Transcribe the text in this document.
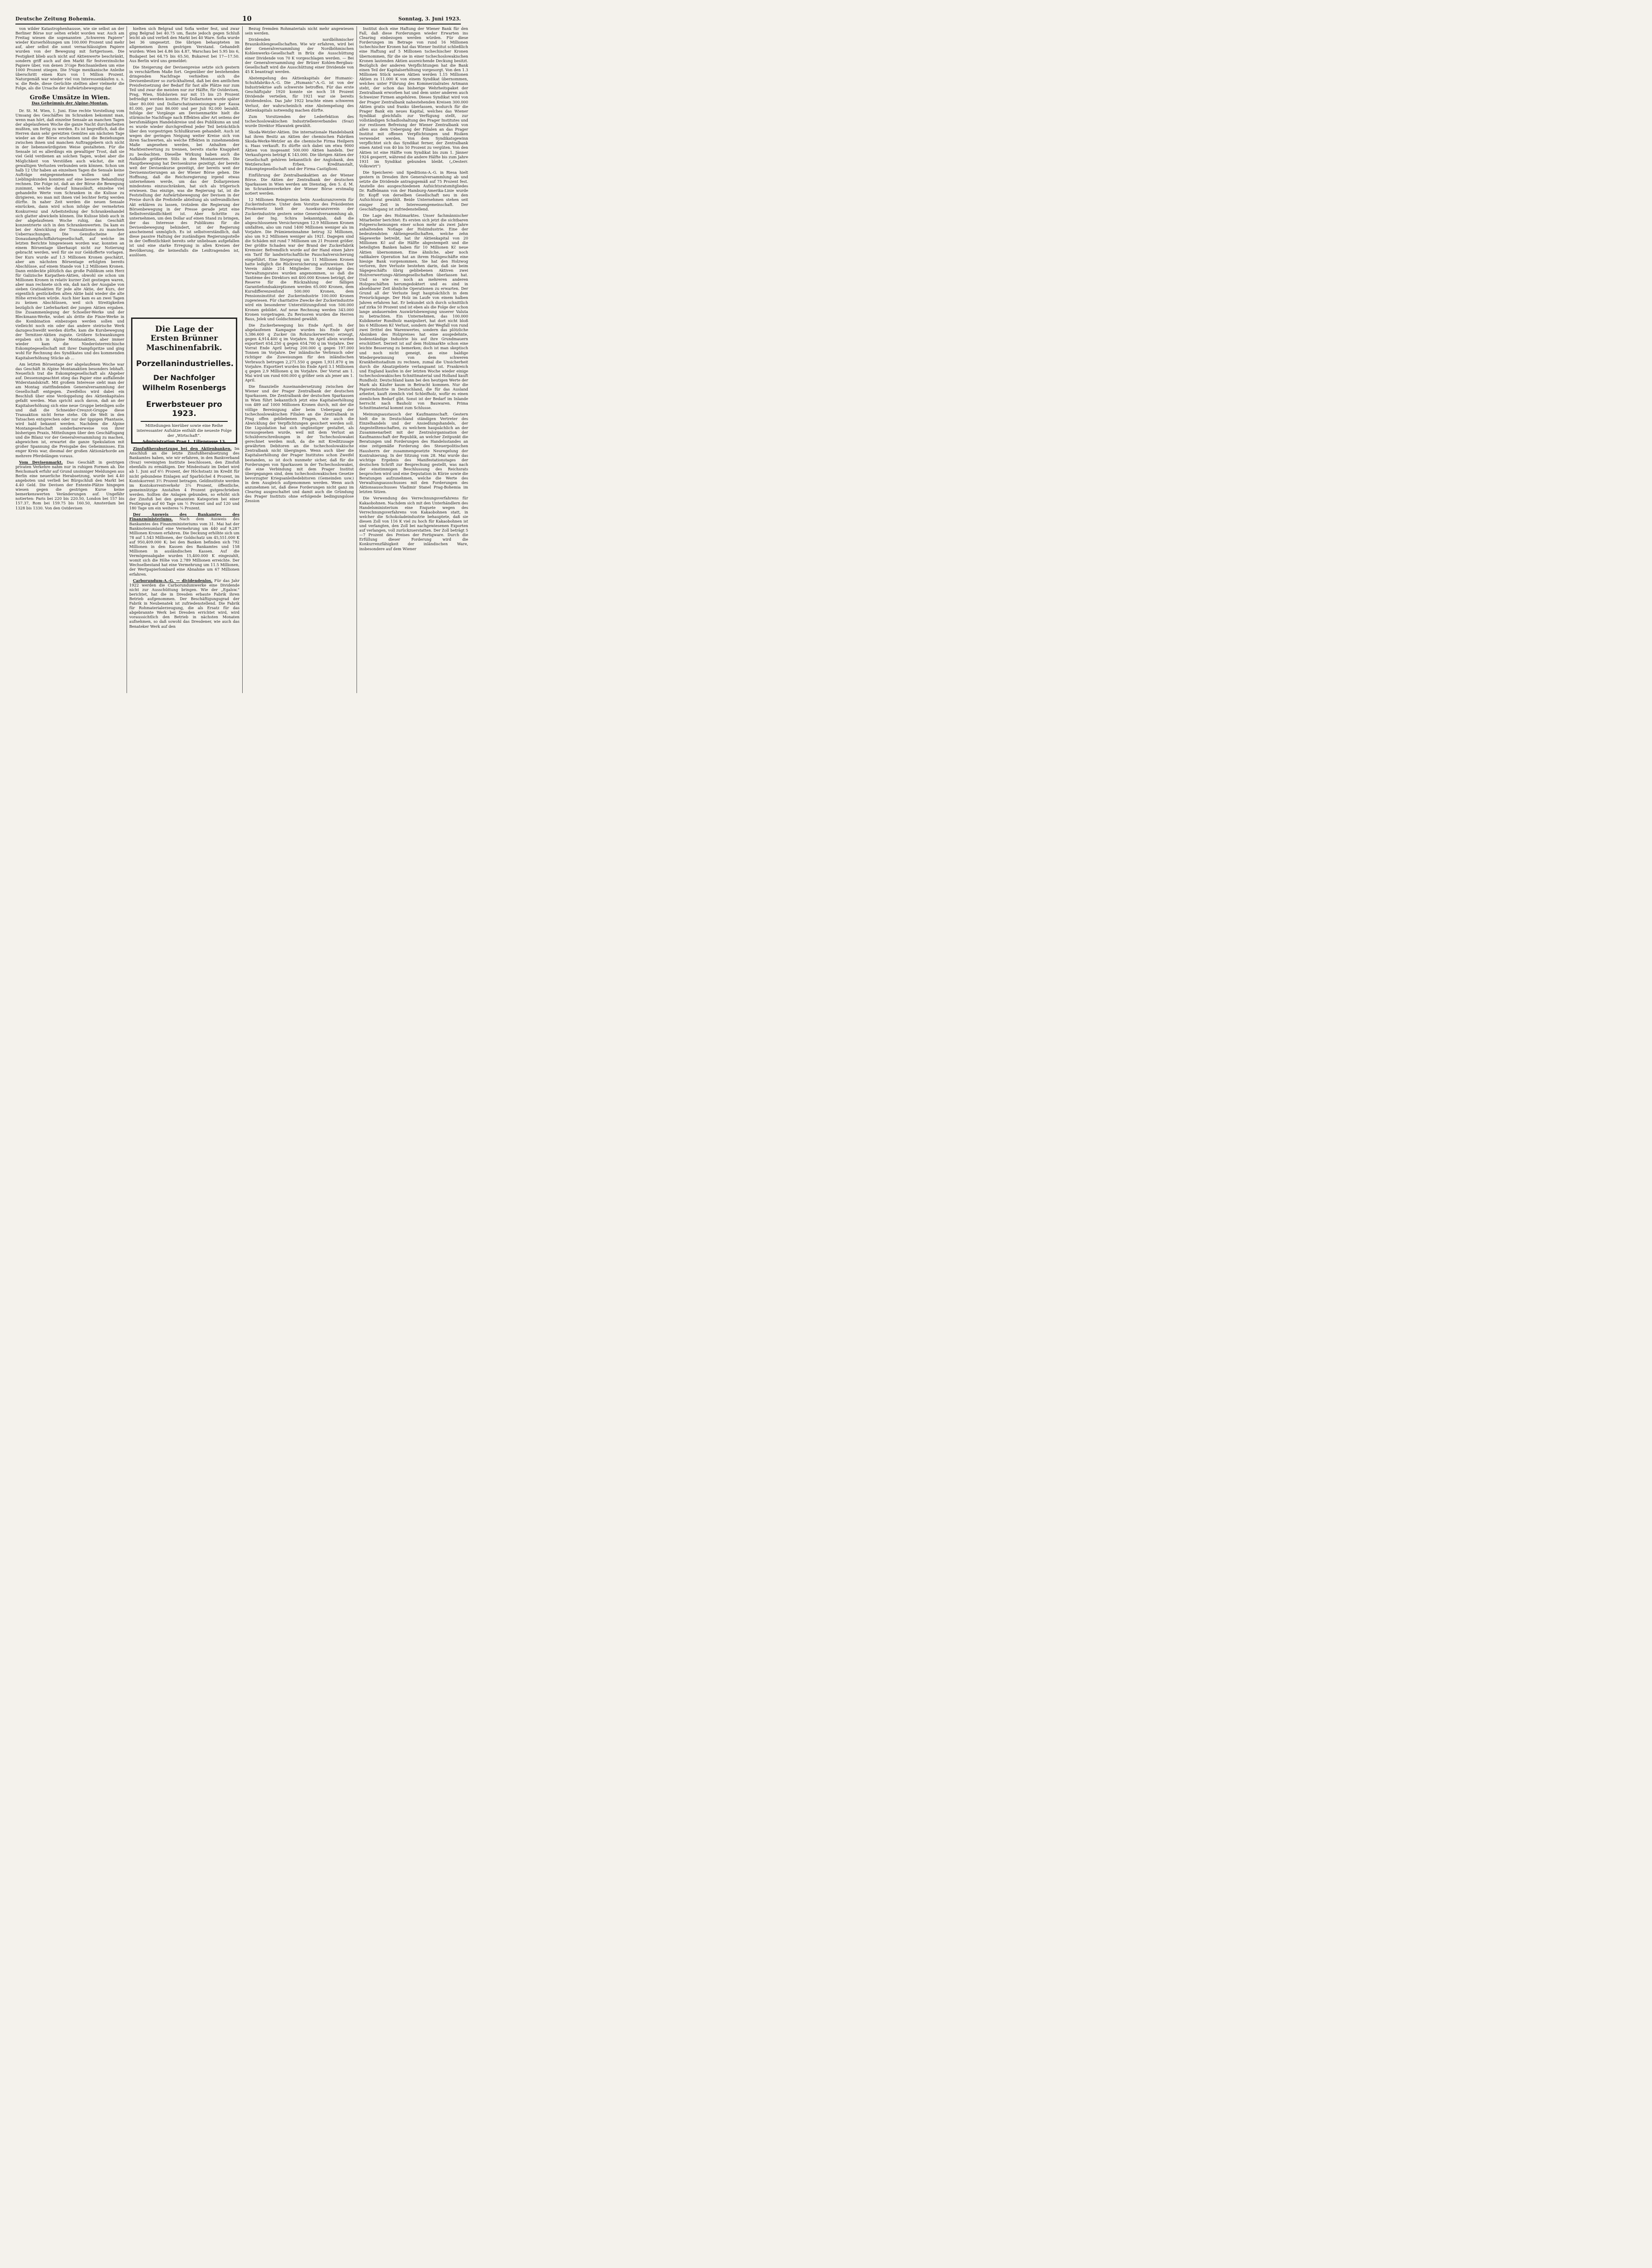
Deutsche Zeitung Bohemia.	10	Sonntag, 3. Juni 1923.

von wilder Katastrophenhausse, wie sie selbst an der Berliner Börse nur selten erlebt worden war. Auch am Freitag wiesen die sogenannten „Schweren Papiere“ wieder Kurserhöhungen um 100.000 Prozent und mehr auf, aber selbst die sonst vernachlässigten Papiere wurden von der Bewegung mit fortgerissen. Die Festigkeit blieb auch nicht auf Aktienwerte beschränkt, sondern griff auch auf den Markt für festverzinsliche Papiere über, von denen 3½ige Reichsanleihen um eine 1000 Prozent stiegen. Die 5%ige mexikanische Anleihe überschritt einen Kurs von 1 Million Prozent. Naturgemäß war wieder viel von Interessenkäufen u. s. w. die Rede, diese Gerüchte stellten aber vielmehr die Folge, als die Ursache der Aufwärtsbewegung dar.

Große Umsätze in Wien.
Das Geheimnis der Alpine-Montan.

Dr. St. M. Wien, 1. Juni. Eine rechte Vorstellung vom Umsang des Geschäftes im Schranken bekommt man, wenn man hört, daß einzelne Sensale an manchen Tagen der abgelaufenen Woche die ganze Nacht durcharbeiten mußten, um fertig zu werden. Es ist begreiflich, daß die Herren dann sehr gereizten Gemütes am nächsten Tage wieder an der Börse erscheinen und die Beziehungen zwischen ihnen und manchen Auftraggebern sich nicht in der liebenswürdigsten Weise gestalteten. Für die Sensale ist es allerdings ein gewaltiger Trost, daß sie viel Geld verdienen an solchen Tagen, wobei aber die Möglichkeit von Verstößen auch wächst, die mit gewaltigen Verlusten verbunden sein können. Schon um halb 12 Uhr haben an einzelnen Tagen die Sensale keine Aufträge entgegennehmen wollen und nur Lieblingskunden konnten auf eine bessere Behandlung rechnen. Die Folge ist, daß an der Börse die Bewegung zunimmt, welche darauf hinausläuft, einzelne viel gehandelte Werte vom Schranken in die Kulisse zu dirigieren, wo man mit ihnen viel leichter fertig werden dürfte. In naher Zeit werden die neuen Sensale einrücken, dann wird schon infolge der vermehrten Konkurrenz und Arbeitsteilung der Schrankenhandel sich glatter abwickeln können. Die Kulisse blieb auch in der abgelaufenen Woche ruhig, das Geschäft konzentrierte sich in den Schrankenwerten. Da kam es bei der Abwicklung der Transaktionen zu manchen Ueberraschungen. Die Genußscheine der Donaudampfschiffahrtsgesellschaft, auf welche im letzten Berichte hingewiesen worden war, konnten an einem Börsentage überhaupt nicht zur Notierung gebracht werden, weil für sie nur Geldofferte vorlagen. Der Kurs wurde auf 1.5 Millionen Kronen geschätzt, aber am nächsten Börsentage erfolgten bereits Abschlüsse, auf einem Stande von 1.2 Millionen Kronen. Dann entdeckte plötzlich das große Publikum sein Herz für Galizische Karpathen-Aktien, obwohl sie schon um Millionen Kronen in relativ kurzer Zeit gestiegen waren, aber man rechnete sich ein, daß nach der Ausgabe von sieben Gratisaktien für jede alte Aktie, der Kurs, der eigentlich gestückelten alten Aktie bald wieder die alte Höhe erreichen würde. Auch hier kam es an zwei Tagen zu keinen Abschlüssen, weil sich Streitigkeiten bezüglich der Lieferbarkeit der jungen Aktien ergaben. Die Zusammenlegung der Schoeller-Werke und der Bleckmann-Werke, wobei als dritte die Finze-Werke in die Kombination einbezogen werden sollen und vielleicht noch ein oder das andere steirische Werk dazugeschweißt werden dürfte, kam die Kursbewegung der Ternitzer-Aktien zugute. Größere Schwankungen ergaben sich in Alpine Montanaktien, aber immer wieder kam die Niederösterreichische Eskomptegesellschaft mit ihrer Dampfspritze und ging wohl für Rechnung des Syndikates und des kommenden Kapitalserhöhung Stücke ab ...

Am letzten Börsentage der abgelaufenen Woche war das Geschäft in Alpine Montanaktien besonders lebhaft. Neuerlich trat die Eskomptegesellschaft als Abgeber auf. Dessenungeachtet stieg das Papier eine auffallende Widerstandskraft. Mit großem Interesse sieht man der am Montag stattfindenden Generalversammlung der Gesellschaft entgegen. Zweifellos wird dabei ein Beschluß über eine Verdoppelung des Aktienkapitales gefaßt werden. Man spricht auch davon, daß an der Kapitalserhöhung sich eine neue Gruppe beteiligen solle und daß die Schneider-Creuzot-Gruppe diese Transaktion nicht ferne stehe. Ob die Welt in den Tatsachen entsprechen oder nur der üppigen Phantasie, wird bald bekannt werden. Nachdem die Alpine Montangesellschaft sonderbarerweise von ihrer bisherigen Praxis, Mitteilungen über den Geschäftsgang und die Bilanz vor der Generalversammlung zu machen, abgewichen ist, erwartet die ganze Spekulation mit großer Spannung die Preisgabe des Geheimnisses. Ein enger Kreis war, diesmal der großen Aktionärhorde am mehrere Pferdelängen voraus.

Vom Devisenmarkt. Das Geschäft in gestrigen privaten Verkehre nahm nur in ruhigen Formen ab. Die Reichsmark erfuhr auf Grund unsinniger Meldungen aus Berlin eine neuerliche Herabsetzung, wurde bei 4.40 angeboten und verließ bei Bürgschluß den Markt bei 4.40 Geld. Die Devisen der Entente-Plätze hingegen wiesen gegen die gestrigen Kurse keine bemerkenswerten Veränderungen auf. Ungefähr notierten: Paris bei 220 bis 220.50, London bei 157 bis 157.37, Rom bei 159.75 bis 160.50, Amsterdam bei 1328 bis 1330. Von den Ostdevisen

hielten sich Belgrad und Sofia weiter fest, und zwar ging Belgrad bei 40.75 um, flaute jedoch gegen Schluß leicht ab und verließ den Markt bei 40 Ware. Sofia wurde bei 36 umgesetzt. Die übrigen behaupteten im allgemeinen ihren gestrigen Verstand. Gehandelt wurden: Wien bei 4.86 bis 4.87, Warschau bei 5.95 bis 6, Budapest bei 64.75 bis 65.50, Bukarest bei 17—17.50. Aus Berlin wird uns gemeldet:

Die Steigerung der Devisenpreise setzte sich gestern in verschärftem Maße fort. Gegenüber der bestehenden dringenden Nachfrage verhielten sich die Devisenbesitzer so zurückhaltend, daß bei den amtlichen Preisfestsetzung der Bedarf für fast alle Plätze nur zum Teil und zwar die meisten nur zur Hälfte, für Ostdevisen, Prag, Wien, Südslavien nur mit 15 bis 25 Prozent befriedigt werden konnte. Für Dollarnoten wurde später über 80.000 und Dollarschatzanweisungen per Kassa 81.000, per Juni 86.000 und per Juli 92.000 bezahlt. Infolge der Vorgänge am Devisenmarkte hielt die stürmische Nachfrage nach Effekten aller Art seitens der berufsmäßigen Handelskreise und des Publikums an und es wurde wieder durchgreifend jeder Teil beträchtlich über den vorgestrigen Schlußkursen gehandelt. Auch ist wegen der geringen Neigung weiter Kreise sich von ihren Sachwerten, als welche Effekten in zunehmendem Maße angesehen werden, bei Anhalten der Marktentwertung zu trennen, bereits starke Knappheit zu beobachten. Dieselbe Wirkung haben auch die Aufkäufe größeren Stils in den Montanwerten. Die Hauptbewegung hat Devisenkurse gezeitigt, der bereits weit der Devisenkurse gezeitigt, der bereits weit der Devisennotierungen an der Wiener Börse gehen. Die Hoffnung, daß die Reichsregierung irgend etwas unternehmen werde, um das der Dollarpreisen mindestens einzuschränken, hat sich als trügerisch erwiesen. Das einzige, was die Regierung tat, ist die Feststellung der Aufwärtsbewegung der Devisen in der Preise durch die Preßstelle abteilung als unfreundlichen Akt erklären zu lassen, trotzdem die Regierung der Börsenbewegung in der Presse gerade jetzt eine Selbstverständlichkeit ist. Aber Schritte zu unternehmen, um den Dollar auf einen Stand zu bringen, der das Interesse des Publikums für die Devisenbewegung behindert, ist der Regierung anscheinend unmöglich. Es ist selbstverständlich, daß diese passive Haltung der zuständigen Regierungsstelle in der Oeffentlichkeit bereits sehr unliebsam aufgefallen ist und eine starke Erregung in allen Kreisen der Bevölkerung, die keinesfalls die Leidtragenden ist, auslösen.

Die Lage der
Ersten Brünner Maschinenfabrik.
Porzellanindustrielles.
Der Nachfolger
Wilhelm Rosenbergs
Erwerbsteuer pro 1923.
Mitteilungen hierüber sowie eine Reihe interessanter Aufsätze enthält die neueste Folge der „Wirtschaft“.
Administration Prag I., Liliengasse 13.

Zinsfußherabsetzung bei den Aktienbanken. Im Anschluß an die letzte Zinsfußherabsetzung des Bankamtes haben, wie wir erfahren, in den Bankverband (Svaz) vereinigten Institute beschlossen, den Zinsfuß ebenfalls zu ermäßigen. Der Mindestsatz im Debet wird ab 1. Juni auf 6½ Prozent, der Höchstsatz im Kredit für nicht gebundene Einlagen auf Sparbüchel 4 Prozent, im Kontokorrent 3½ Prozent betragen. Geldinstitute werden im Kontokorrentverkehr 3¼ Prozent, öffentliche, gemeinnützige Anstalten 4 Prozent gutgeschrieben werden. Sollten die Anlagen gebunden, so erhöht sich der Zinsfuß bei den genannten Kategorien bei einer Festlegung auf 60 Tage um ½ Prozent und auf 120 und 180 Tage um ein weiteres ¼ Prozent.

Der Ausweis des Bankamtes des Finanzministeriums. Nach dem Ausweis des Bankamtes des Finanzministeriums vom 31. Mai hat der Banknotenumlauf eine Vermehrung um 440 auf 9,287 Millionen Kronen erfahren. Die Deckung erhöhte sich um 78 auf 1.543 Millionen, der Goldschatz um 45,551.000 K auf 950,409.000 K; bei den Banken befinden sich 792 Millionen in den Kassen des Bankamtes und 158 Millionen in ausländischen Kassen. Auf die Vermögensabgabe wurden 15,400.000 K eingezahlt, womit sich die Höhe von 2.789 Millionen erreichte. Der Wechselbestand hat eine Vermehrung um 11.5 Millionen, der Wertpapierlombard eine Abnahme um 67 Millionen erfahren.

Carborundum-A.-G. — dividendenlos. Für das Jahr 1922 werden die Carborundumwerke eine Dividende nicht zur Ausschüttung bringen. Wie der „Egalsw.“ berichtet, hat die in Dresden erbaute Fabrik ihren Betrieb aufgenommen. Der Beschäftigungsgrad der Fabrik in Neubenatek ist zufriedenstellend. Die Fabrik für Rohmaterialerzeugung, die als Ersatz für das abgebrannte Werk bei Dresden errichtet wird, wird voraussichtlich den Betrieb in nächsten Monaten aufnehmen, so daß sowohl das Dresdener, wie auch das Benateker Werk auf den

Bezug fremden Rohmaterials nicht mehr angewiesen sein werden.

Dividenden nordböhmischer Braunkohlengesellschaften. Wie wir erfahren, wird bei der Generalversammlung der Nordböhmischen Kohlenwerks-Gesellschaft in Brüx die Ausschüttung einer Dividende von 70 K vorgeschlagen werden. — Bei der Generalversammlung der Brüxer Kohlen-Bergbau-Gesellschaft wird die Ausschüttung einer Dividende von 45 K beantragt werden.

Abstempelung des Aktienkapitals der Humanic-Schuhfabriks-A.-G. Die „Humanic“-A.-G. ist von der Industriekrise aufs schwerste betroffen. Für das erste Geschäftsjahr 1920 konnte sie noch 18 Prozent Dividende verteilen, für 1921 war sie bereits dividendenlos. Das Jahr 1922 brachte einen schweren Verlust, der wahrscheinlich eine Abstempelung des Aktienkapitals notwendig machen dürfte.

Zum Vorsitzenden der Lederfektion des tschechoslowakischen Industriellenverbandes (Svaz) wurde Direktor Hlawatek gewählt.

Skoda-Wetzler-Aktien. Die internationale Handelsbank hat ihren Besitz an Aktien der chemischen Fabriken Skoda-Werke-Wetzler an die chemische Firma Heilpern u. Haas verkauft. Es dürfte sich dabei um etwa 9000 Aktien von insgesamt 500.000 Aktien handeln. Der Verkaufspreis beträgt K 143.000. Die übrigen Aktien der Gesellschaft gehören bekanntlich der Anglobank, den Wetzlerschen Erben, Kreditanstalt, Eskomptegesellschaft und der Firma Castiglioni.

Einführung der Zentralbankaktien an der Wiener Börse. Die Aktien der Zentralbank der deutschen Sparkassen in Wien werden am Dienstag, den 5. d. M. im Schrankenverkehre der Wiener Börse erstmalig notiert werden.

12 Millionen Reingewinn beim Assekuranzverein für Zuckerindustrie. Unter dem Vorsitze des Präsidenten Proskowetz hielt der Assekuranzverein der Zuckerindustrie gestern seine Generalversammlung ab, bei der Ing. Schira bekanntgab, daß die abgeschlossenen Versicherungen 12.9 Millionen Kronen umfaßten, also um rund 1400 Millionen weniger als im Vorjahre. Die Prämieneinnahme betrug 32 Millionen, also um 9.2 Millionen weniger als 1921. Dagegen sind die Schäden mit rund 7 Millionen um 21 Prozent größer. Der größte Schaden war der Brand der Zuckerfabrik Kremsier. Befremdlich wurde auf der Hand einen Jahre ein Tarif für landwirtschaftliche Pauschalversicherung eingeführt. Eine Steigerung um 11 Millionen Kronen hatte lediglich die Rückversicherung aufzuweisen. Der Verein zähle 214 Mitglieder. Die Anträge des Verwaltungsrates wurden angenommen, so daß die Tantième des Direktors mit 400.000 Kronen beträgt, der Reserve für die Rückzahlung der fälligen Garantiefondsakzeptionen werden 65.000 Kronen, dem Kursdifferenzenfond 500.000 Kronen, dem Pensionsinstitut der Zuckerindustrie 100.000 Kronen zugewiesen. Für charitative Zwecke der Zuckerindustrie wird ein besonderer Unterstützungsfond von 500.000 Kronen gebildet. Auf neue Rechnung werden 343.000 Kronen vorgetragen. Zu Revisoren wurden die Herren Baus, Jelek und Goldschmied gewählt.

Die Zuckerbewegung bis Ende April. In der abgelaufenen Kampagne wurden bis Ende April 5,386.600 q Zucker (in Rohzuckerwerten) erzeugt, gegen 4,914.400 q im Vorjahre. Im April allein wurden exportiert 654.250 q gegen 654.700 q im Vorjahre. Der Vorrat Ende April betrug 200.000 q gegen 197.000 Tonnen im Vorjahre. Der inländische Verbrauch oder richtiger die Zuweisungen für den inländischen Verbrauch betrugen 2,271.550 q gegen 1,931.870 q im Vorjahre. Exportiert wurden bis Ende April 3.1 Millionen q gegen 2.9 Millionen q im Vorjahre. Der Vorrat am 1. Mai wird um rund 600.000 q größer sein als jener am 1. April.

Die finanzielle Auseinandersetzung zwischen der Wiener und der Prager Zentralbank der deutschen Sparkassen. Die Zentralbank der deutschen Sparkassen in Wien führt bekanntlich jetzt eine Kapitalserhöhung von 489 auf 1000 Millionen Kronen durch, mit der die völlige Bereinigung aller beim Uebergang der tschechoslowakischen Filialen an die Zentralbank in Prag offen gebliebenen Fragen, wie auch die Abwicklung der Verpflichtungen gesichert werden soll. Die Liquidation hat sich ungünstiger gestaltet, als vorausgesehen wurde, weil mit dem Verlust an Schuldverschreibungen in der Tschechoslowakei gerechnet werden muß, da die mit Kreditzusage gewährten Debitoren an die tschechoslowakische Zentralbank nicht übergingen. Wenn auch über die Kapitalserhöhung der Prager Institutes schon Zweifel bestanden, so ist doch nunmehr sicher, daß für die Forderungen von Sparkassen in der Tschechoslowakei, die eine Verbindung mit dem Prager Institut übergegangen sind, dem tschechoslowakischen Gesetze bevorzugter Kriegsanleihedebitoren (Gemeinden usw.) in dem Ausgleich aufgenommen werden. Wenn auch anzunehmen ist, daß diese Forderungen nicht ganz im Clearing ausgeschaltet und damit auch die Gründung des Prager Instituts ohne erfolgende bedingungslose Zession

Institut doch eine Haftung der Wiener Bank für den Fall, daß diese Forderungen wieder Erwarten ins Clearing einbezogen werden würden. Für diese Forderungen im Betrage von rund 16 Millionen tschechischer Kronen hat das Wiener Institut schließlich eine Haftung auf 5 Millionen tschechischer Kronen übernommen, für die sie in einer tschechoslowakischen Kronen lautenden Aktien ausreichende Deckung besitzt. Bezüglich der anderen Verpflichtungen hat die Bank einen Teil der Kapitalserhöhung vorgesorgt. Von den 1.3 Millionen Stück neuen Aktien werden 1.15 Millionen Aktien zu 11.000 K von einem Syndikat übernommen, welches unter Führung des Kommerzialrates Artmann steht, der schon das bisherige Wehrheitspaket der Zentralbank erworben hat und dem unter anderen auch Schweizer Firmen angehören. Dieses Syndikat wird von der Prager Zentralbank nahestehenden Kreisen 300.000 Aktien gratis und franko überlassen, wodurch für die Prager Bank ein neues Kapital, welches das Wiener Syndikat gleichfalls zur Verfügung stellt, zur vollständigen Schadloshaltung des Prager Institutes und zur restlosen Befreiung der Wiener Zentralbank von allen aus dem Uebergang der Filialen an das Prager Institut mit offenen Verpflichtungen und Risiken verwendet werden. Von dem Syndikatsgewinn verpflichtet sich das Syndikat ferner, der Zentralbank einen Anteil von 40 bis 50 Prozent zu vergüten. Von den Aktien ist eine Hälfte vom Syndikat bis zum 1. Jänner 1924 gesperrt, während die andere Hälfte bis zum Jahre 1931 im Syndikat gebunden bleibt. („Oesterr. Volkswirt“)

Die Speicherei- und Speditions-A.-G. in Riesa hielt gestern in Dresden ihre Generalversammlung ab und setzte die Dividende antragsgemäß auf 75 Prozent fest. Anstelle des ausgeschiedenen Aufsichtsratsmitgliedes Dr. Raffelmann von der Hamburg-Amerika-Linie wurde Dr. Kopff von derselben Gesellschaft neu in den Aufsichtsrat gewählt. Beide Unternehmen stehen seit einiger Zeit in Interessengemeinschaft. Der Geschäftsgang ist zufriedenstellend.

Die Lage des Holzmarktes. Unser fachmännischer Mitarbeiter berichtet: Es ersten sich jetzt die sichtbaren Folgeerscheinungen einer schon mehr als zwei Jahre anhaltenden Notlage der Holzindustrie. Eine der bedeutendsten Aktiengesellschaften, welche zehn Sägewerke betreibt, hat ihr Aktienkapital von 20 Millionen Kč auf die Hälfte abgestempelt und die beteiligten Banken haben für 10 Millionen Kč neue Aktien übernommen. Eine ähnliche, aber noch radikalere Operation hat an ihrem Holzgeschäfte eine hiesige Bank vorgenommen. Sie hat den Holzwog verloren, ihre Verluste bestehen darin, daß sie beim Sägegeschäfts übrig gebliebenen Aktiven zwei Holzverwertungs-Aktiengesellschaften überlassen hat. Und so wie es noch an mehreren anderen Holzgeschäften herumgedoktert und es sind in absehbarer Zeit ähnliche Operationen zu erwarten. Der Grund all der Verluste liegt hauptsächlich in dem Preisrückgange. Der Holz im Laufe von einem halben Jahren erfahren hat. Er bekundet sich durch schnittlich auf zirka 50 Prozent und ist eben als die Folge der schon lange andauernden Auswärtsbewegung unserer Valuta zu betrachten. Ein Unternehmen, das 100.000 Kubikmeter Rundholz manipuliert, hat dort nicht bloß bis 6 Millionen Kč Verlust, sondern der Wegfall von rund zwei Drittel des Warenwertes, sondern das plötzliche Absinken des Holzpreises hat eine ausgedehnte, bodenständige Industrie bis auf ihre Grundmauern erschüttert. Derzeit ist auf dem Holzmarkte schon eine leichte Besserung zu bemerken; doch ist man skeptisch und noch nicht geneigt, an eine baldige Wiedergewinnung von dem schweren Krankheitsstadium zu rechnen, zumal die Unsicherheit durch die Absatzgebiete verlangsamt ist. Frankreich und England kaufen in der letzten Woche wieder einige tschechoslowakisches Schnittmaterial und Holland kauft Rundholz. Deutschland kann bei den heutigen Werte der Mark als Käufer kaum in Betracht kommen. Nur die Papierindustrie in Deutschland, die für das Ausland arbeitet, kauft ziemlich viel Schleifholz, wofür es einen ziemlichen Bedarf gibt. Sonst ist der Bedarf im Inlande herrscht nach Bauholz von Bauwaren. Prima Schnittmaterial kommt zum Schlusse.

Meinungsaustausch der Kaufmannschaft. Gestern hielt die in Deutschland ständigen Vertreter des Einzelhandels und der Ansiedlungshandels, der Angestelltenschaften, zu welchem haupsächlich an der Zusammenarbeit mit der Zentralorganisation der Kaufmannschaft der Republik, an welcher Zeitpunkt die Beratungen und Forderungen des Handelsstandes an eine zeitgemäße Forderung des Steuerpolitischen Hausherrn der zusammengesetzte Neuregelung der Kontrahierung. In der Sitzung vom 28. Mai wurde das wichtige Ergebnis des Manifestationstages der deutschen Schrift zur Besprechung gestellt, was nach der einstimmigen Beschlussung des Reichsrats besprochen wird und eine Deputation in Kürze sowie die Beratungen aufzunehmen, welche die Werte des Verwaltungsausschusses mit den Forderungen des Aktionsausschusses Vladimir Stanel Prag-Bohemia im letzten Sitzen.

Die Verwendung des Verrechnungsverfahrens für Kakaobohnen. Nachdem sich mit den Unterhändlern des Handelsministerium eine Enquete wegen des Verrechnungsverfahrens von Kakaobohnen statt, in welcher die Schokoladeindustrie behauptete, daß sie diesen Zoll von 116 K viel zu hoch für Kakaobohnen ist und verlangten, den Zoll bei nachgewiesenen Exporten auf verlangen, voll zurückzuerstatten. Der Zoll beträgt 5—7 Prozent des Preises der Fertigware. Durch die Erfüllung dieser Forderung wird die Konkurrenzfähigkeit der inländischen Ware, insbesondere auf dem Wiener
